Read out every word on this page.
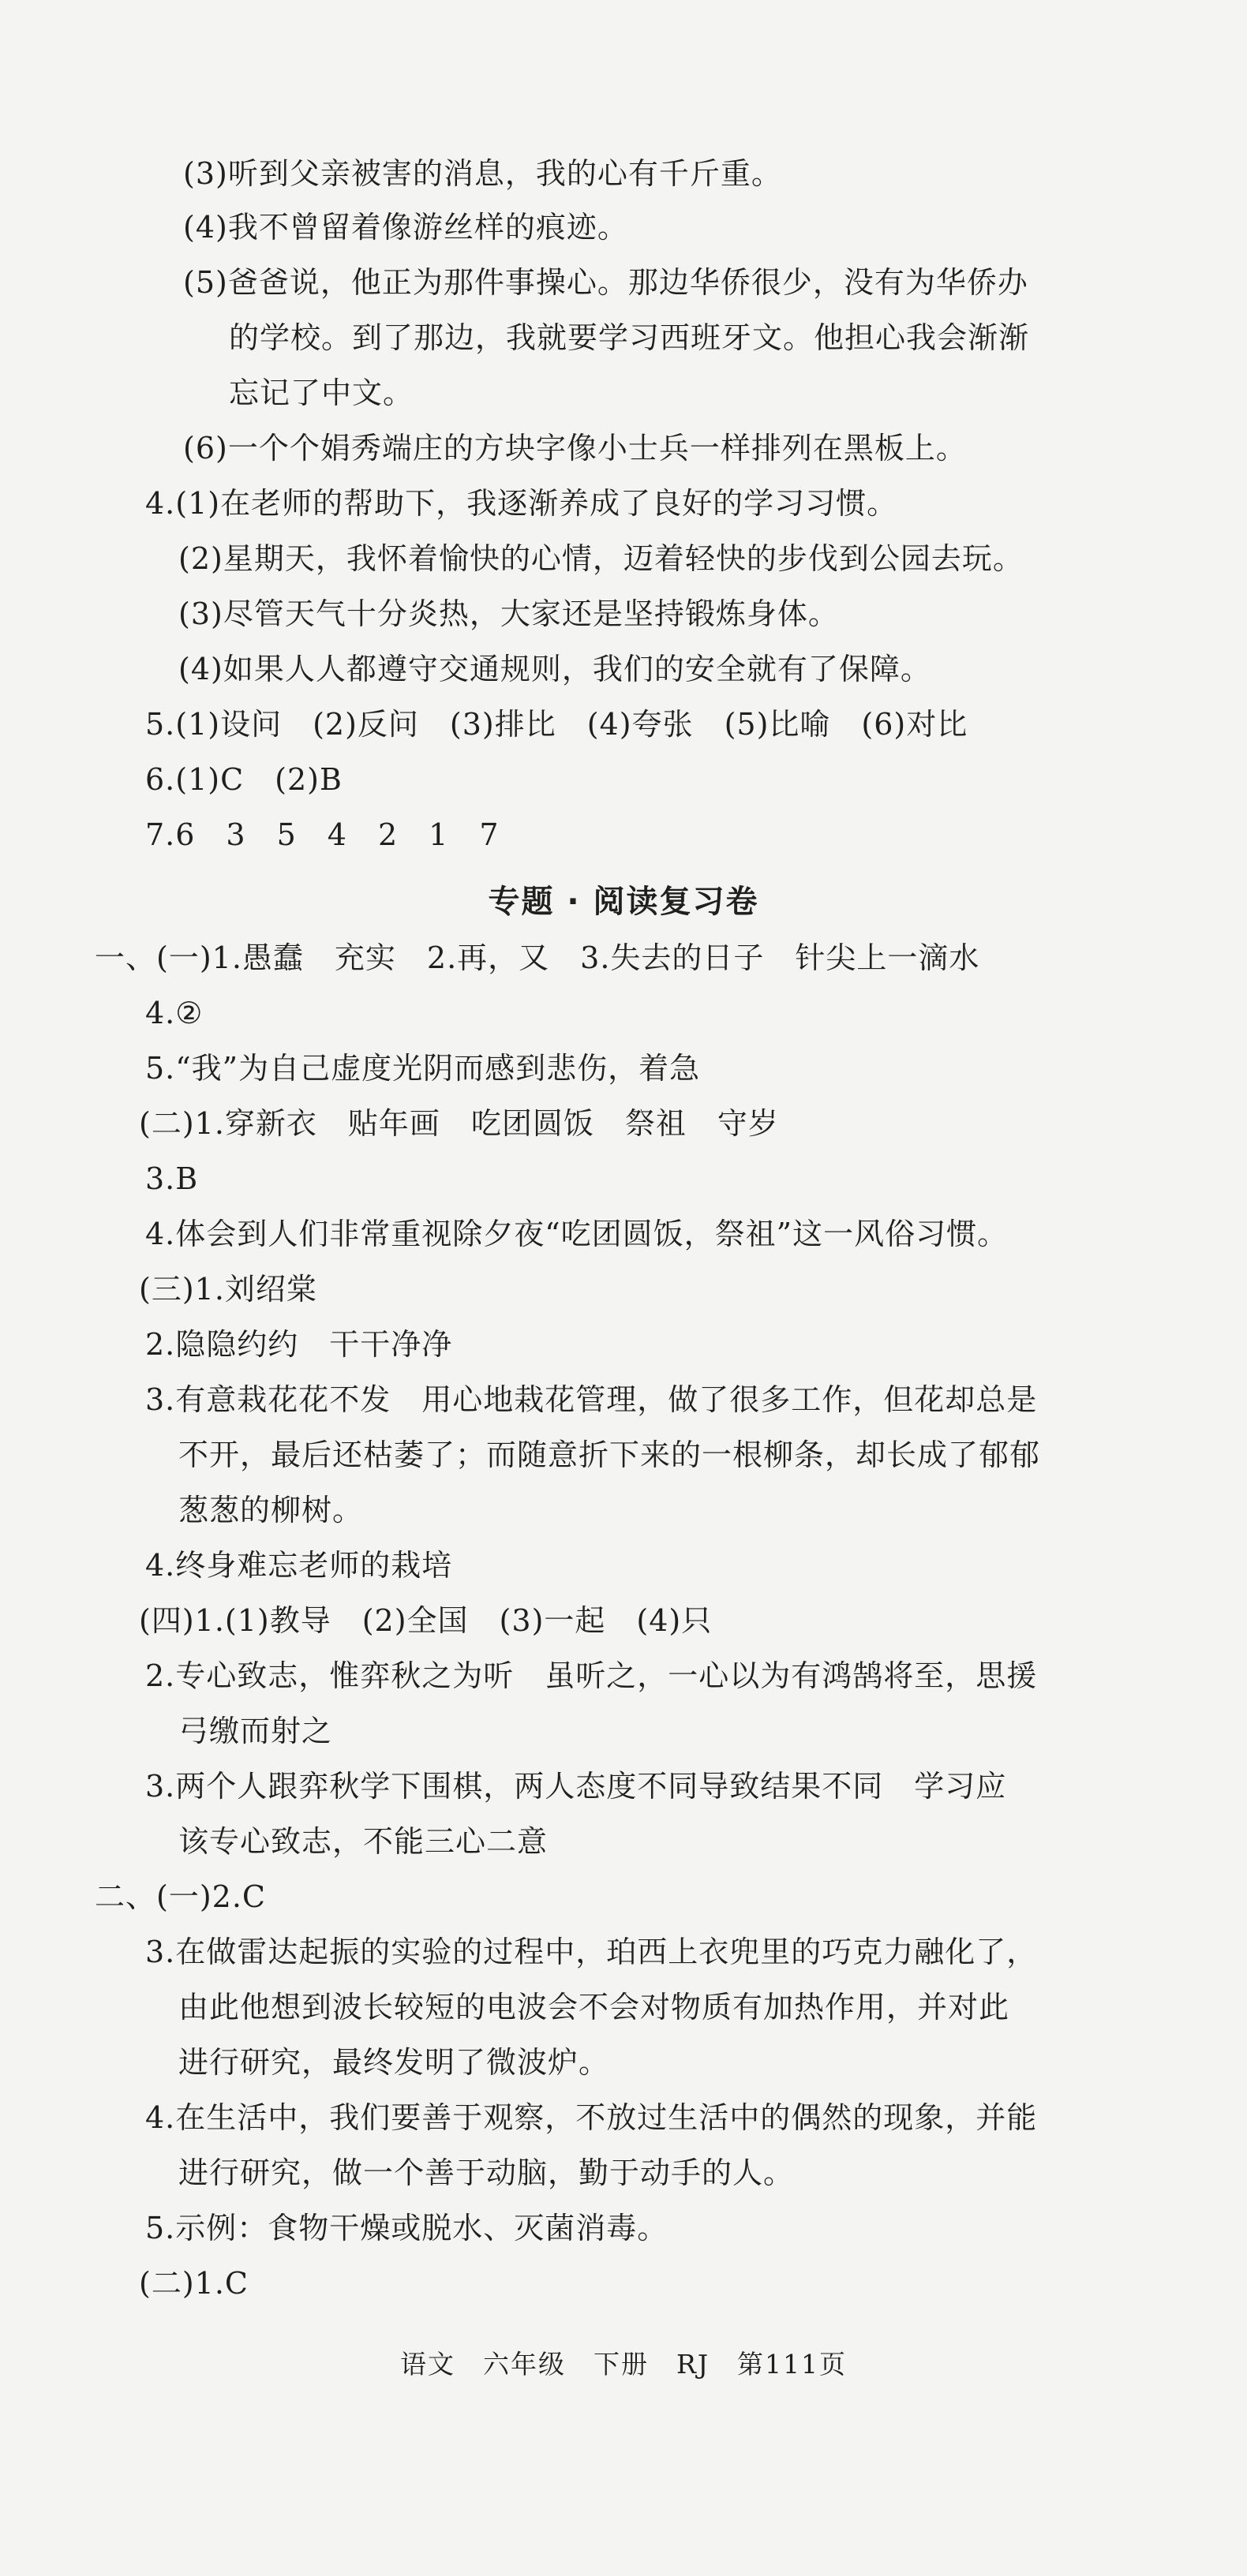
(3)听到父亲被害的消息，我的心有千斤重。
(4)我不曾留着像游丝样的痕迹。
(5)爸爸说，他正为那件事操心。那边华侨很少，没有为华侨办
的学校。到了那边，我就要学习西班牙文。他担心我会渐渐
忘记了中文。
(6)一个个娟秀端庄的方块字像小士兵一样排列在黑板上。
4.(1)在老师的帮助下，我逐渐养成了良好的学习习惯。
(2)星期天，我怀着愉快的心情，迈着轻快的步伐到公园去玩。
(3)尽管天气十分炎热，大家还是坚持锻炼身体。
(4)如果人人都遵守交通规则，我们的安全就有了保障。
5.(1)设问　(2)反问　(3)排比　(4)夸张　(5)比喻　(6)对比
6.(1)C　(2)B
7.6　3　5　4　2　1　7
专题 · 阅读复习卷
一、(一)1.愚蠢　充实　2.再，又　3.失去的日子　针尖上一滴水
4.②
5.“我”为自己虚度光阴而感到悲伤，着急
(二)1.穿新衣　贴年画　吃团圆饭　祭祖　守岁
3.B
4.体会到人们非常重视除夕夜“吃团圆饭，祭祖”这一风俗习惯。
(三)1.刘绍棠
2.隐隐约约　干干净净
3.有意栽花花不发　用心地栽花管理，做了很多工作，但花却总是
不开，最后还枯萎了；而随意折下来的一根柳条，却长成了郁郁
葱葱的柳树。
4.终身难忘老师的栽培
(四)1.(1)教导　(2)全国　(3)一起　(4)只
2.专心致志，惟弈秋之为听　虽听之，一心以为有鸿鹄将至，思援
弓缴而射之
3.两个人跟弈秋学下围棋，两人态度不同导致结果不同　学习应
该专心致志，不能三心二意
二、(一)2.C
3.在做雷达起振的实验的过程中，珀西上衣兜里的巧克力融化了，
由此他想到波长较短的电波会不会对物质有加热作用，并对此
进行研究，最终发明了微波炉。
4.在生活中，我们要善于观察，不放过生活中的偶然的现象，并能
进行研究，做一个善于动脑，勤于动手的人。
5.示例：食物干燥或脱水、灭菌消毒。
(二)1.C
语文　六年级　下册　RJ　第111页
